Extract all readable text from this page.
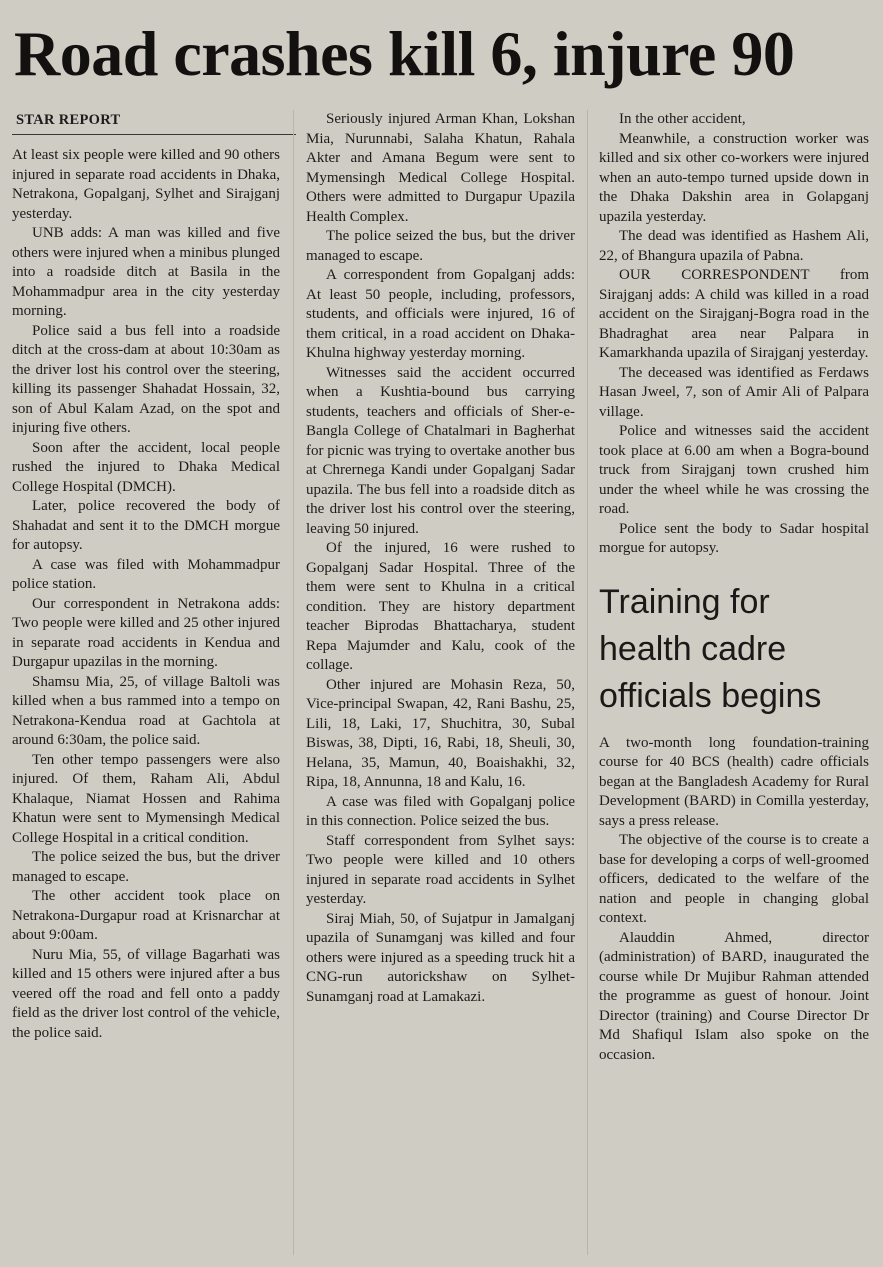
Road crashes kill 6, injure 90
STAR REPORT

At least six people were killed and 90 others injured in separate road accidents in Dhaka, Netrakona, Gopalganj, Sylhet and Sirajganj yesterday.

UNB adds: A man was killed and five others were injured when a minibus plunged into a roadside ditch at Basila in the Mohammadpur area in the city yesterday morning.

Police said a bus fell into a roadside ditch at the cross-dam at about 10:30am as the driver lost his control over the steering, killing its passenger Shahadat Hossain, 32, son of Abul Kalam Azad, on the spot and injuring five others.

Soon after the accident, local people rushed the injured to Dhaka Medical College Hospital (DMCH).

Later, police recovered the body of Shahadat and sent it to the DMCH morgue for autopsy.

A case was filed with Mohammadpur police station.

Our correspondent in Netrakona adds: Two people were killed and 25 other injured in separate road accidents in Kendua and Durgapur upazilas in the morning.

Shamsu Mia, 25, of village Baltoli was killed when a bus rammed into a tempo on Netrakona-Kendua road at Gachtola at around 6:30am, the police said.

Ten other tempo passengers were also injured. Of them, Raham Ali, Abdul Khalaque, Niamat Hossen and Rahima Khatun were sent to Mymensingh Medical College Hospital in a critical condition.

The police seized the bus, but the driver managed to escape.

The other accident took place on Netrakona-Durgapur road at Krisnarchar at about 9:00am.

Nuru Mia, 55, of village Bagarhati was killed and 15 others were injured after a bus veered off the road and fell onto a paddy field as the driver lost control of the vehicle, the police said.

Seriously injured Arman Khan, Lokshan Mia, Nurunnabi, Salaha Khatun, Rahala Akter and Amana Begum were sent to Mymensingh Medical College Hospital. Others were admitted to Durgapur Upazila Health Complex.

The police seized the bus, but the driver managed to escape.

A correspondent from Gopalganj adds: At least 50 people, including, professors, students, and officials were injured, 16 of them critical, in a road accident on Dhaka-Khulna highway yesterday morning.

Witnesses said the accident occurred when a Kushtia-bound bus carrying students, teachers and officials of Sher-e-Bangla College of Chatalmari in Bagherhat for picnic was trying to overtake another bus at Chrernega Kandi under Gopalganj Sadar upazila. The bus fell into a roadside ditch as the driver lost his control over the steering, leaving 50 injured.

Of the injured, 16 were rushed to Gopalganj Sadar Hospital. Three of the them were sent to Khulna in a critical condition. They are history department teacher Biprodas Bhattacharya, student Repa Majumder and Kalu, cook of the collage.

Other injured are Mohasin Reza, 50, Vice-principal Swapan, 42, Rani Bashu, 25, Lili, 18, Laki, 17, Shuchitra, 30, Subal Biswas, 38, Dipti, 16, Rabi, 18, Sheuli, 30, Helana, 35, Mamun, 40, Boaishakhi, 32, Ripa, 18, Annunna, 18 and Kalu, 16.

A case was filed with Gopalganj police in this connection. Police seized the bus.

Staff correspondent from Sylhet says: Two people were killed and 10 others injured in separate road accidents in Sylhet yesterday.

Siraj Miah, 50, of Sujatpur in Jamalganj upazila of Sunamganj was killed and four others were injured as a speeding truck hit a CNG-run autorickshaw on Sylhet-Sunamganj road at Lamakazi.

In the other accident,

Meanwhile, a construction worker was killed and six other co-workers were injured when an auto-tempo turned upside down in the Dhaka Dakshin area in Golapganj upazila yesterday.

The dead was identified as Hashem Ali, 22, of Bhangura upazila of Pabna.

OUR CORRESPONDENT from Sirajganj adds: A child was killed in a road accident on the Sirajganj-Bogra road in the Bhadraghat area near Palpara in Kamarkhanda upazila of Sirajganj yesterday.

The deceased was identified as Ferdaws Hasan Jweel, 7, son of Amir Ali of Palpara village.

Police and witnesses said the accident took place at 6.00 am when a Bogra-bound truck from Sirajganj town crushed him under the wheel while he was crossing the road.

Police sent the body to Sadar hospital morgue for autopsy.

Training for health cadre officials begins

A two-month long foundation-training course for 40 BCS (health) cadre officials began at the Bangladesh Academy for Rural Development (BARD) in Comilla yesterday, says a press release.

The objective of the course is to create a base for developing a corps of well-groomed officers, dedicated to the welfare of the nation and people in changing global context.

Alauddin Ahmed, director (administration) of BARD, inaugurated the course while Dr Mujibur Rahman attended the programme as guest of honour. Joint Director (training) and Course Director Dr Md Shafiqul Islam also spoke on the occasion.
